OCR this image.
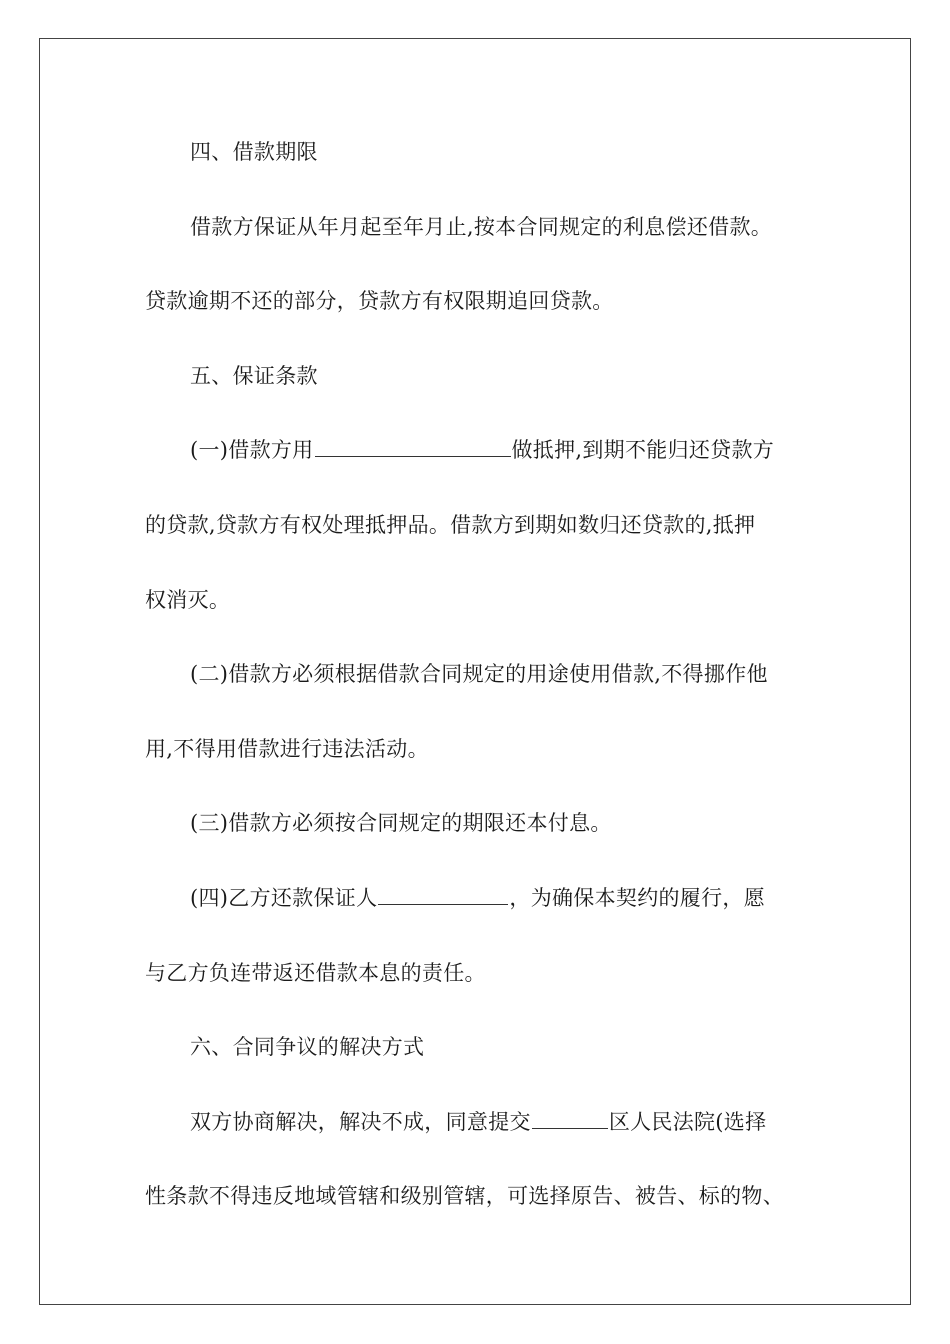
四、借款期限
借款方保证从年月起至年月止,按本合同规定的利息偿还借款。
贷款逾期不还的部分，贷款方有权限期追回贷款。
五、保证条款
(一)借款方用	做抵押,到期不能归还贷款方
的贷款,贷款方有权处理抵押品。借款方到期如数归还贷款的,抵押
权消灭。
(二)借款方必须根据借款合同规定的用途使用借款,不得挪作他
用,不得用借款进行违法活动。
(三)借款方必须按合同规定的期限还本付息。
(四)乙方还款保证人	，为确保本契约的履行，愿
与乙方负连带返还借款本息的责任。
六、合同争议的解决方式
双方协商解决，解决不成，同意提交	区人民法院(选择
性条款不得违反地域管辖和级别管辖，可选择原告、被告、标的物、
